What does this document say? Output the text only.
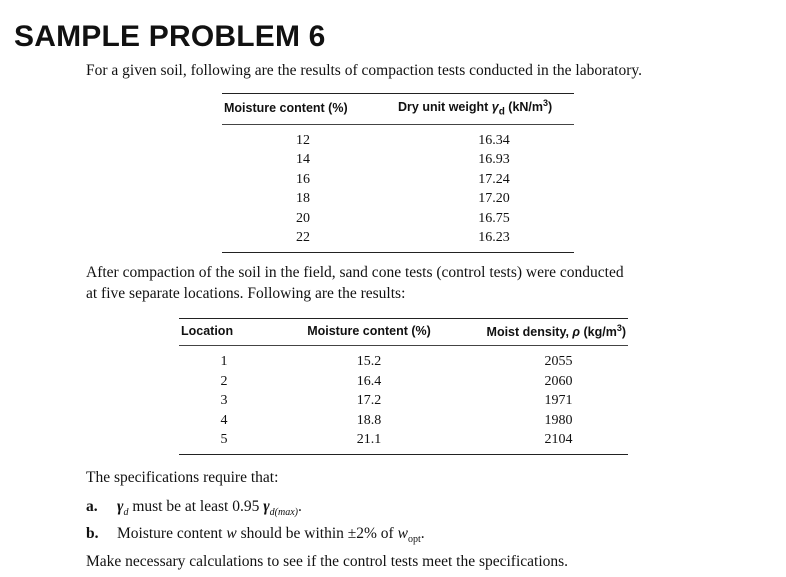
SAMPLE PROBLEM 6

For a given soil, following are the results of compaction tests conducted in the laboratory.

Moisture content (%)	Dry unit weight $\gamma_d$ $(kN/m^3)$
12	16.34
14	16.93
16	17.24
18	17.20
20	16.75
22	16.23

After compaction of the soil in the field, sand cone tests (control tests) were conducted
at five separate locations. Following are the results:

Location	Moisture content (%)	Moist density, ρ $(kg/m^3)$
1	15.2	2055
2	16.4	2060
3	17.2	1971
4	18.8	1980
5	21.1	2104

The specifications require that:

a. $\gamma_d$ must be at least 0.95 $\gamma_{d(max)}$.
b. Moisture content w should be within ±2% of $w_{opt}$.

Make necessary calculations to see if the control tests meet the specifications.
